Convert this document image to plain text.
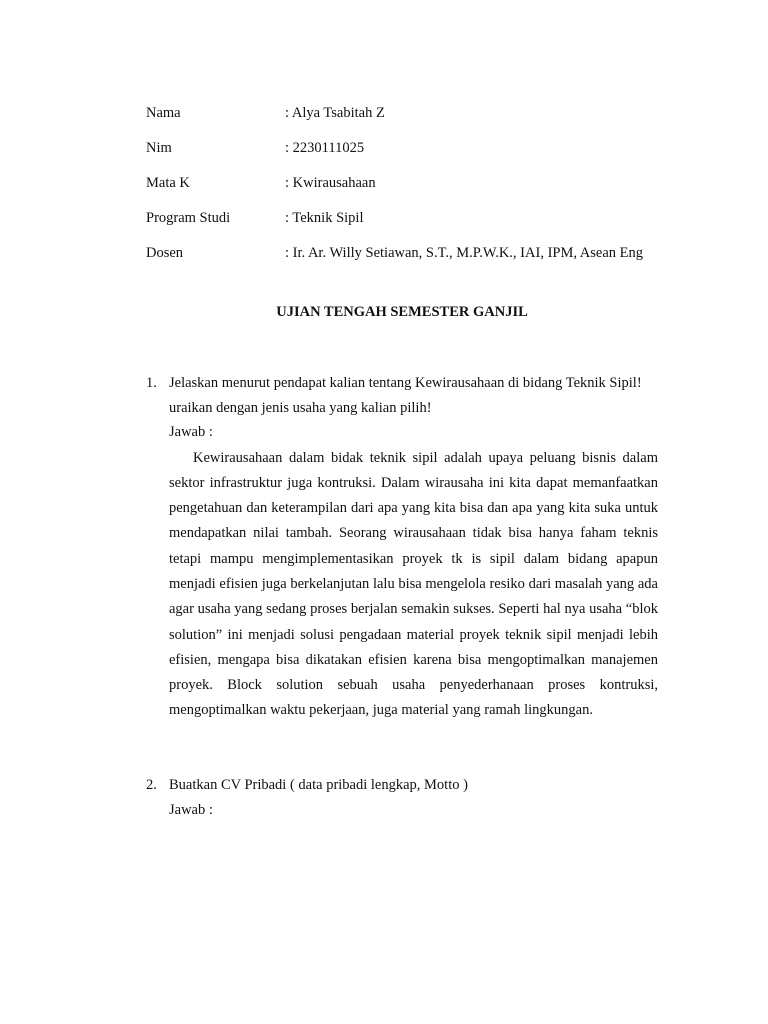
Nama	: Alya Tsabitah Z
Nim	: 2230111025
Mata K	: Kwirausahaan
Program Studi	: Teknik Sipil
Dosen	: Ir. Ar. Willy Setiawan, S.T., M.P.W.K., IAI, IPM, Asean Eng
UJIAN TENGAH SEMESTER GANJIL
1. Jelaskan menurut pendapat kalian tentang Kewirausahaan di bidang Teknik Sipil! uraikan dengan jenis usaha yang kalian pilih!
Jawab :
Kewirausahaan dalam bidak teknik sipil adalah upaya peluang bisnis dalam sektor infrastruktur juga kontruksi. Dalam wirausaha ini kita dapat memanfaatkan pengetahuan dan keterampilan dari apa yang kita bisa dan apa yang kita suka untuk mendapatkan nilai tambah. Seorang wirausahaan tidak bisa hanya faham teknis tetapi mampu mengimplementasikan proyek tk is sipil dalam bidang apapun menjadi efisien juga berkelanjutan lalu bisa mengelola resiko dari masalah yang ada agar usaha yang sedang proses berjalan semakin sukses. Seperti hal nya usaha “blok solution” ini menjadi solusi pengadaan material proyek teknik sipil menjadi lebih efisien, mengapa bisa dikatakan efisien karena bisa mengoptimalkan manajemen proyek. Block solution sebuah usaha penyederhanaan proses kontruksi, mengoptimalkan waktu pekerjaan, juga material yang ramah lingkungan.
2. Buatkan CV Pribadi ( data pribadi lengkap, Motto )
Jawab :
